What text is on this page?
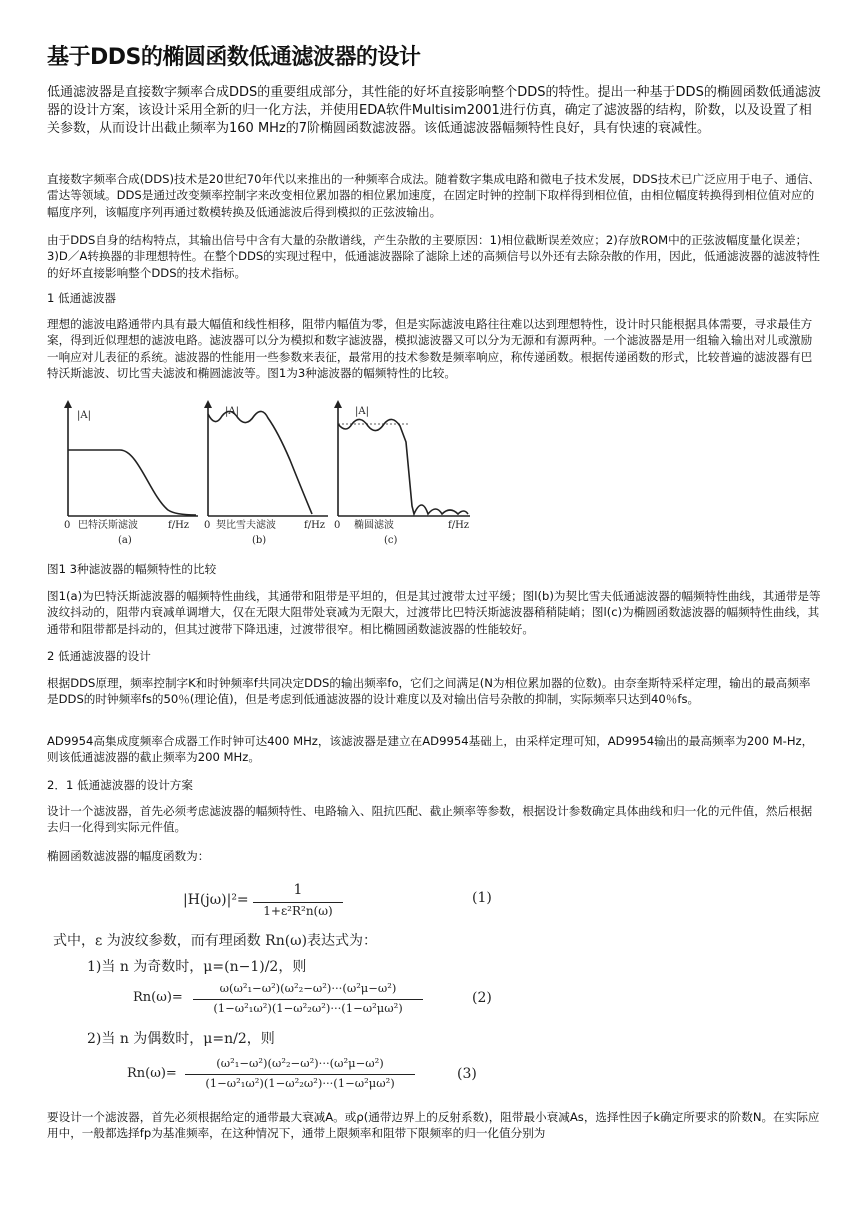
基于DDS的椭圆函数低通滤波器的设计

低通滤波器是直接数字频率合成DDS的重要组成部分，其性能的好坏直接影响整个DDS的特性。提出一种基于DDS的椭圆函数低通滤波器的设计方案，该设计采用全新的归一化方法，并使用EDA软件Multisim2001进行仿真，确定了滤波器的结构，阶数，以及设置了相关参数，从而设计出截止频率为160 MHz的7阶椭圆函数滤波器。该低通滤波器幅频特性良好，具有快速的衰减性。

直接数字频率合成(DDS)技术是20世纪70年代以来推出的一种频率合成法。随着数字集成电路和微电子技术发展，DDS技术已广泛应用于电子、通信、雷达等领域。DDS是通过改变频率控制字来改变相位累加器的相位累加速度，在固定时钟的控制下取样得到相位值，由相位幅度转换得到相位值对应的幅度序列，该幅度序列再通过数模转换及低通滤波后得到模拟的正弦波输出。

由于DDS自身的结构特点，其输出信号中含有大量的杂散谱线，产生杂散的主要原因：1)相位截断误差效应；2)存放ROM中的正弦波幅度量化误差；3)D／A转换器的非理想特性。在整个DDS的实现过程中，低通滤波器除了滤除上述的高频信号以外还有去除杂散的作用，因此，低通滤波器的滤波特性的好坏直接影响整个DDS的技术指标。

1 低通滤波器

理想的滤波电路通带内具有最大幅值和线性相移，阻带内幅值为零，但是实际滤波电路往往难以达到理想特性，设计时只能根据具体需要，寻求最佳方案，得到近似理想的滤波电路。滤波器可以分为模拟和数字滤波器，模拟滤波器又可以分为无源和有源两种。一个滤波器是用一组输入输出对儿或激励一响应对儿表征的系统。滤波器的性能用一些参数来表征，最常用的技术参数是频率响应，称传递函数。根据传递函数的形式，比较普遍的滤波器有巴特沃斯滤波、切比雪夫滤波和椭圆滤波等。图1为3种滤波器的幅频特性的比较。

|A|	|A|	|A|
0	0	0
巴特沃斯滤波	契比雪夫滤波	椭圆滤波
f/Hz	f/Hz	f/Hz
(a)	(b)	(c)

图1 3种滤波器的幅频特性的比较

图1(a)为巴特沃斯滤波器的幅频特性曲线，其通带和阻带是平坦的，但是其过渡带太过平缓；图l(b)为契比雪夫低通滤波器的幅频特性曲线，其通带是等波纹抖动的，阻带内衰减单调增大，仅在无限大阻带处衰减为无限大，过渡带比巴特沃斯滤波器稍稍陡峭；图l(c)为椭圆函数滤波器的幅频特性曲线，其通带和阻带都是抖动的，但其过渡带下降迅速，过渡带很窄。相比椭圆函数滤波器的性能较好。

2 低通滤波器的设计

根据DDS原理，频率控制字K和时钟频率f共同决定DDS的输出频率fo，它们之间满足(N为相位累加器的位数)。由奈奎斯特采样定理，输出的最高频率是DDS的时钟频率fs的50％(理论值)，但是考虑到低通滤波器的设计难度以及对输出信号杂散的抑制，实际频率只达到40％fs。

AD9954高集成度频率合成器工作时钟可达400 MHz，该滤波器是建立在AD9954基础上，由采样定理可知，AD9954输出的最高频率为200 M-Hz，则该低通滤波器的截止频率为200 MHz。

2．1 低通滤波器的设计方案

设计一个滤波器，首先必须考虑滤波器的幅频特性、电路输入、阻抗匹配、截止频率等参数，根据设计参数确定具体曲线和归一化的元件值，然后根据去归一化得到实际元件值。

椭圆函数滤波器的幅度函数为：

|H(jω)|²=
1
1+ε²R²n(ω)
(1)
式中，ε 为波纹参数，而有理函数 Rn(ω)表达式为：
1)当 n 为奇数时，μ=(n−1)/2，则
Rn(ω)=
ω(ω²₁−ω²)(ω²₂−ω²)···(ω²μ−ω²)
(1−ω²₁ω²)(1−ω²₂ω²)···(1−ω²μω²)
(2)
2)当 n 为偶数时，μ=n/2，则
Rn(ω)=
(ω²₁−ω²)(ω²₂−ω²)···(ω²μ−ω²)
(1−ω²₁ω²)(1−ω²₂ω²)···(1−ω²μω²)
(3)

要设计一个滤波器，首先必须根据给定的通带最大衰减A。或ρ(通带边界上的反射系数)，阻带最小衰减As，选择性因子k确定所要求的阶数N。在实际应用中，一般都选择fp为基准频率，在这种情况下，通带上限频率和阻带下限频率的归一化值分别为
